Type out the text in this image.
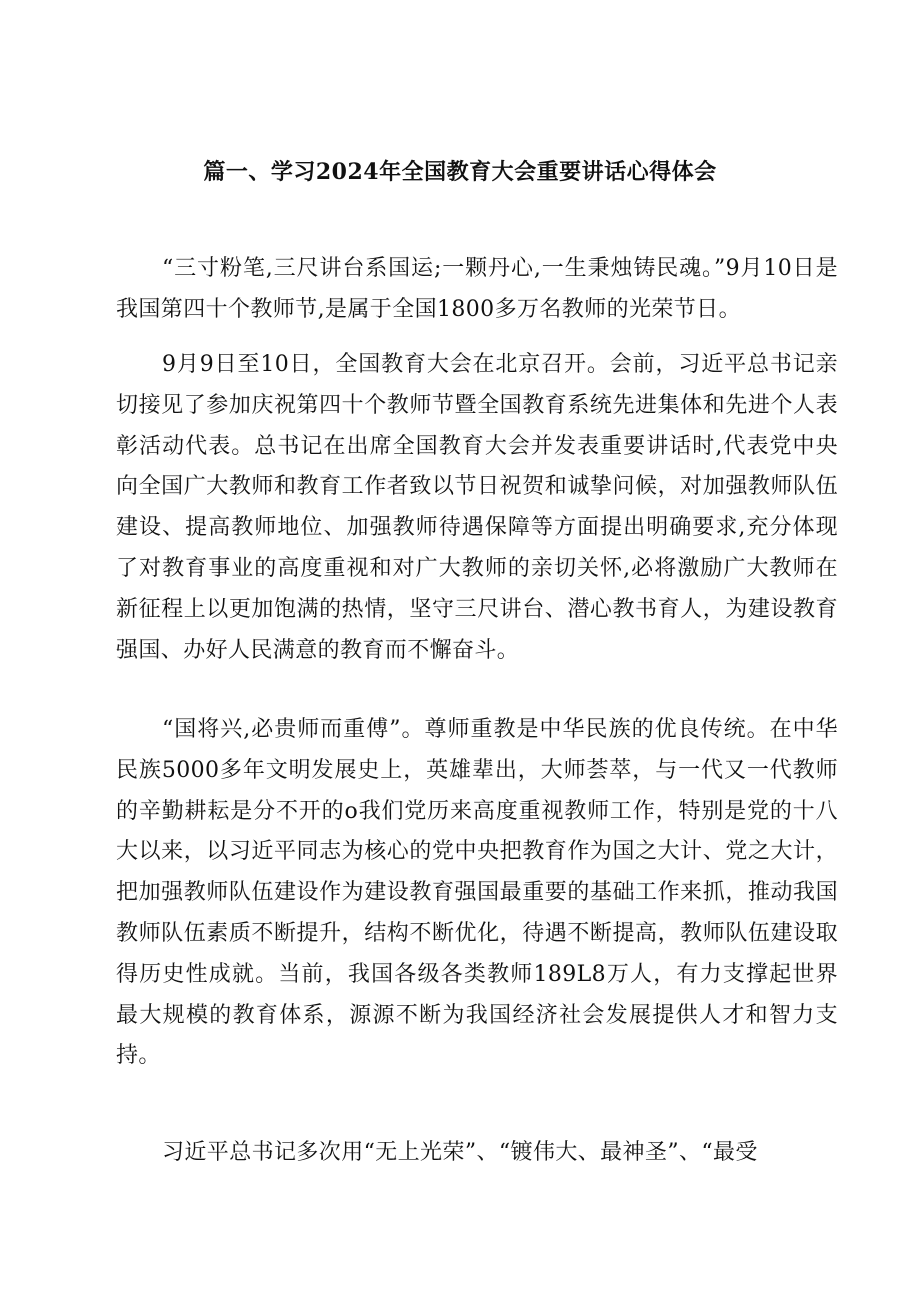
篇一、学习2024年全国教育大会重要讲话心得体会

“三寸粉笔,三尺讲台系国运;一颗丹心,一生秉烛铸民魂。”9月10日是我国第四十个教师节,是属于全国1800多万名教师的光荣节日。

9月9日至10日，全国教育大会在北京召开。会前，习近平总书记亲切接见了参加庆祝第四十个教师节暨全国教育系统先进集体和先进个人表彰活动代表。总书记在出席全国教育大会并发表重要讲话时,代表党中央向全国广大教师和教育工作者致以节日祝贺和诚挚问候，对加强教师队伍建设、提高教师地位、加强教师待遇保障等方面提出明确要求,充分体现了对教育事业的高度重视和对广大教师的亲切关怀,必将激励广大教师在新征程上以更加饱满的热情，坚守三尺讲台、潜心教书育人，为建设教育强国、办好人民满意的教育而不懈奋斗。

“国将兴,必贵师而重傅”。尊师重教是中华民族的优良传统。在中华民族5000多年文明发展史上，英雄辈出，大师荟萃，与一代又一代教师的辛勤耕耘是分不开的o我们党历来高度重视教师工作，特别是党的十八大以来，以习近平同志为核心的党中央把教育作为国之大计、党之大计，把加强教师队伍建设作为建设教育强国最重要的基础工作来抓，推动我国教师队伍素质不断提升，结构不断优化，待遇不断提高，教师队伍建设取得历史性成就。当前，我国各级各类教师189L8万人，有力支撑起世界最大规模的教育体系，源源不断为我国经济社会发展提供人才和智力支持。

习近平总书记多次用“无上光荣”、“镀伟大、最神圣”、“最受
